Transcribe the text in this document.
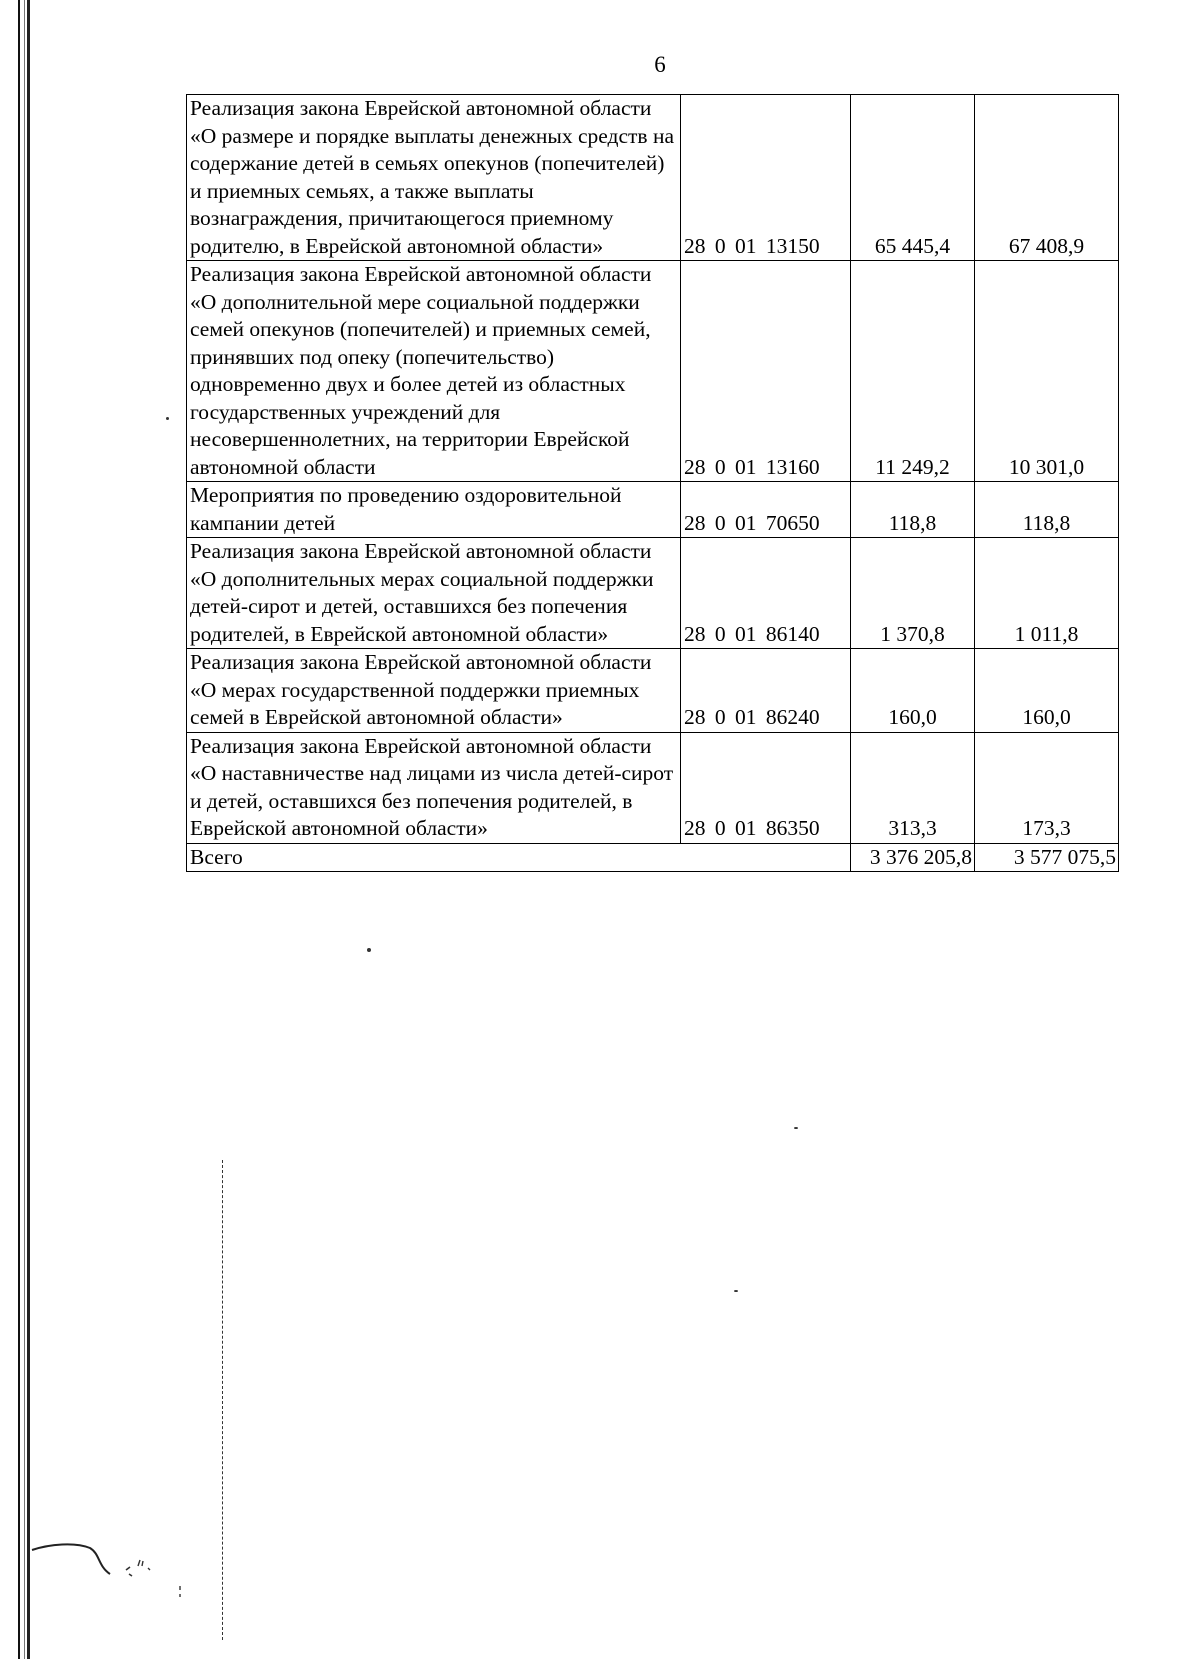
6
Реализация закона Еврейской автономной области «О размере и порядке выплаты денежных средств на содержание детей в семьях опекунов (попечителей) и приемных семьях, а также выплаты вознаграждения, причитающегося приемному родителю, в Еврейской автономной области»	28 0 01 13150	65 445,4	67 408,9
Реализация закона Еврейской автономной области «О дополнительной мере социальной поддержки семей опекунов (попечителей) и приемных семей, принявших под опеку (попечительство) одновременно двух и более детей из областных государственных учреждений для несовершеннолетних, на территории Еврейской автономной области	28 0 01 13160	11 249,2	10 301,0
Мероприятия по проведению оздоровительной кампании детей	28 0 01 70650	118,8	118,8
Реализация закона Еврейской автономной области «О дополнительных мерах социальной поддержки детей-сирот и детей, оставшихся без попечения родителей, в Еврейской автономной области»	28 0 01 86140	1 370,8	1 011,8
Реализация закона Еврейской автономной области «О мерах государственной поддержки приемных семей в Еврейской автономной области»	28 0 01 86240	160,0	160,0
Реализация закона Еврейской автономной области «О наставничестве над лицами из числа детей-сирот и детей, оставшихся без попечения родителей, в Еврейской автономной области»	28 0 01 86350	313,3	173,3
Всего		3 376 205,8	3 577 075,5
